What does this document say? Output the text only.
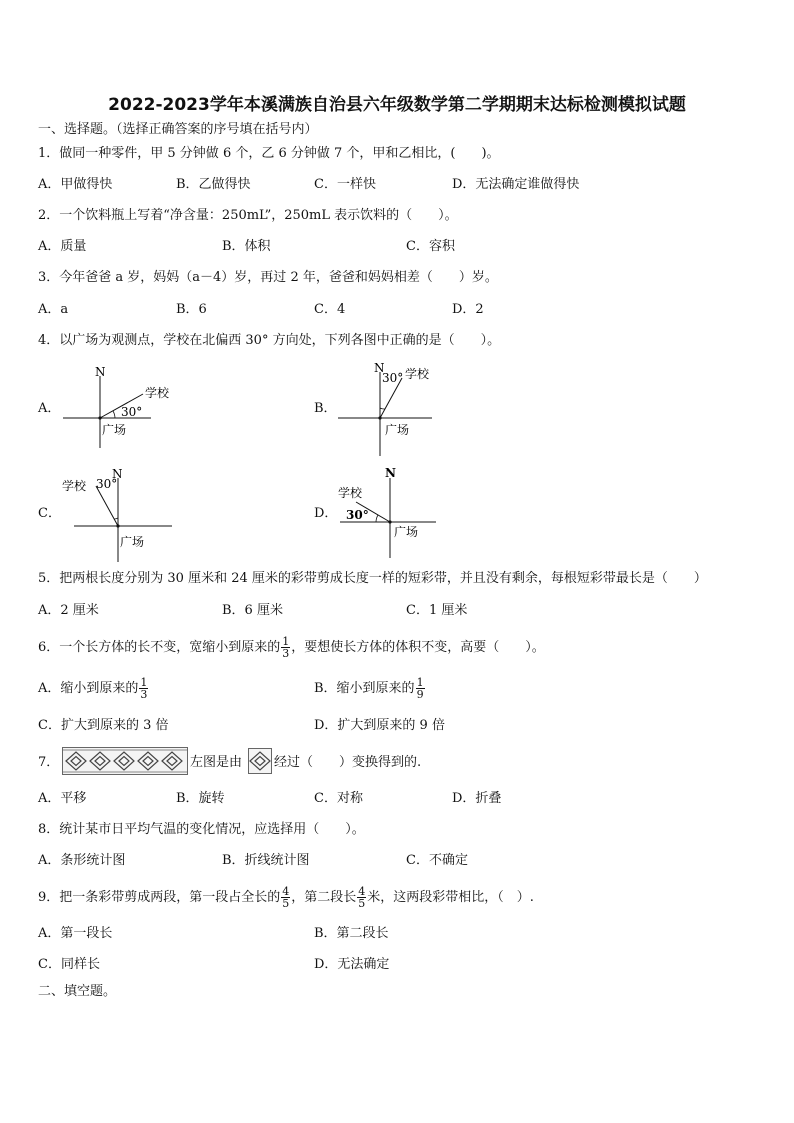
2022-2023学年本溪满族自治县六年级数学第二学期期末达标检测模拟试题
一、选择题。（选择正确答案的序号填在括号内）
1．做同一种零件，甲 5 分钟做 6 个，乙 6 分钟做 7 个，甲和乙相比，(　　)。
A．甲做得快	B．乙做得快	C．一样快	D．无法确定谁做得快
2．一个饮料瓶上写着“净含量：250mL”，250mL 表示饮料的（　　）。
A．质量	B．体积	C．容积
3．今年爸爸 a 岁，妈妈（a－4）岁，再过 2 年，爸爸和妈妈相差（　　）岁。
A．a	B．6	C．4	D．2
4．以广场为观测点，学校在北偏西 30° 方向处，下列各图中正确的是（　　）。
A．
N
学校
30°
广场
B．
N
30° 学校
广场
C．
N
学校 30°
广场
D．
N
学校
30°
广场
5．把两根长度分别为 30 厘米和 24 厘米的彩带剪成长度一样的短彩带，并且没有剩余，每根短彩带最长是（　　）
A．2 厘米	B．6 厘米	C．1 厘米
6．一个长方体的长不变，宽缩小到原来的 $\frac{1}{3}$ ，要想使长方体的体积不变，高要（　　）。
A．缩小到原来的 $\frac{1}{3}$	B．缩小到原来的 $\frac{1}{9}$
C．扩大到原来的 3 倍	D．扩大到原来的 9 倍
7．	左图是由 经过（　　）变换得到的.
A．平移	B．旋转	C．对称	D．折叠
8．统计某市日平均气温的变化情况，应选择用（　　）。
A．条形统计图	B．折线统计图	C．不确定
9．把一条彩带剪成两段，第一段占全长的 $\frac{4}{5}$ ，第二段长 $\frac{4}{5}$ 米，这两段彩带相比，（　）.
A．第一段长	B．第二段长
C．同样长	D．无法确定
二、填空题。
